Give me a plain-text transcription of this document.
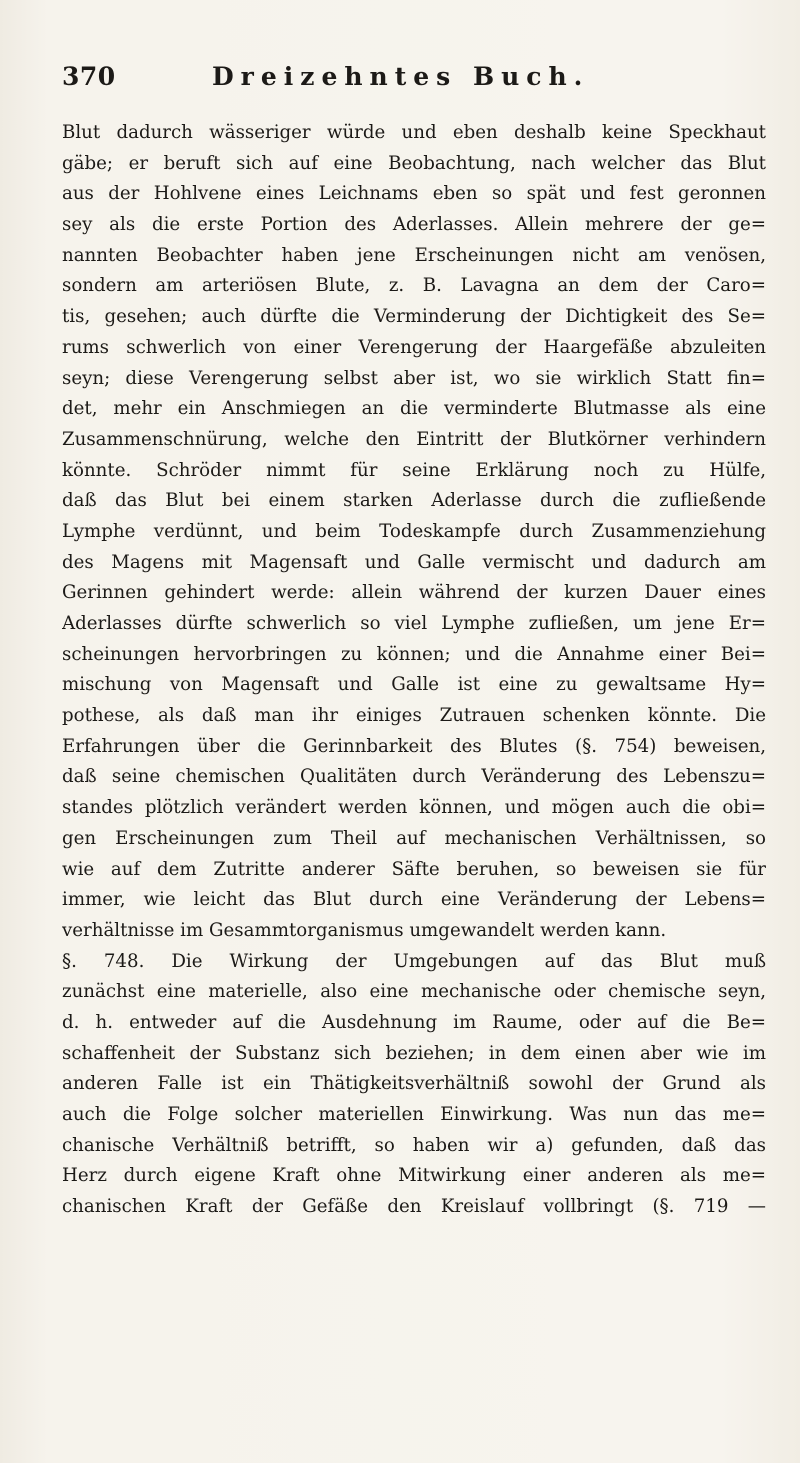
370	Dreizehntes Buch.
Blut dadurch wässeriger würde und eben deshalb keine Speckhaut
gäbe; er beruft sich auf eine Beobachtung, nach welcher das Blut
aus der Hohlvene eines Leichnams eben so spät und fest geronnen
sey als die erste Portion des Aderlasses. Allein mehrere der ge=
nannten Beobachter haben jene Erscheinungen nicht am venösen,
sondern am arteriösen Blute, z. B. Lavagna an dem der Caro=
tis, gesehen; auch dürfte die Verminderung der Dichtigkeit des Se=
rums schwerlich von einer Verengerung der Haargefäße abzuleiten
seyn; diese Verengerung selbst aber ist, wo sie wirklich Statt fin=
det, mehr ein Anschmiegen an die verminderte Blutmasse als eine
Zusammenschnürung, welche den Eintritt der Blutkörner verhindern
könnte. Schröder nimmt für seine Erklärung noch zu Hülfe,
daß das Blut bei einem starken Aderlasse durch die zufließende
Lymphe verdünnt, und beim Todeskampfe durch Zusammenziehung
des Magens mit Magensaft und Galle vermischt und dadurch am
Gerinnen gehindert werde: allein während der kurzen Dauer eines
Aderlasses dürfte schwerlich so viel Lymphe zufließen, um jene Er=
scheinungen hervorbringen zu können; und die Annahme einer Bei=
mischung von Magensaft und Galle ist eine zu gewaltsame Hy=
pothese, als daß man ihr einiges Zutrauen schenken könnte. Die
Erfahrungen über die Gerinnbarkeit des Blutes (§. 754) beweisen,
daß seine chemischen Qualitäten durch Veränderung des Lebenszu=
standes plötzlich verändert werden können, und mögen auch die obi=
gen Erscheinungen zum Theil auf mechanischen Verhältnissen, so
wie auf dem Zutritte anderer Säfte beruhen, so beweisen sie für
immer, wie leicht das Blut durch eine Veränderung der Lebens=
verhältnisse im Gesammtorganismus umgewandelt werden kann.
§. 748. Die Wirkung der Umgebungen auf das Blut muß
zunächst eine materielle, also eine mechanische oder chemische seyn,
d. h. entweder auf die Ausdehnung im Raume, oder auf die Be=
schaffenheit der Substanz sich beziehen; in dem einen aber wie im
anderen Falle ist ein Thätigkeitsverhältniß sowohl der Grund als
auch die Folge solcher materiellen Einwirkung. Was nun das me=
chanische Verhältniß betrifft, so haben wir a) gefunden, daß das
Herz durch eigene Kraft ohne Mitwirkung einer anderen als me=
chanischen Kraft der Gefäße den Kreislauf vollbringt (§. 719 —
